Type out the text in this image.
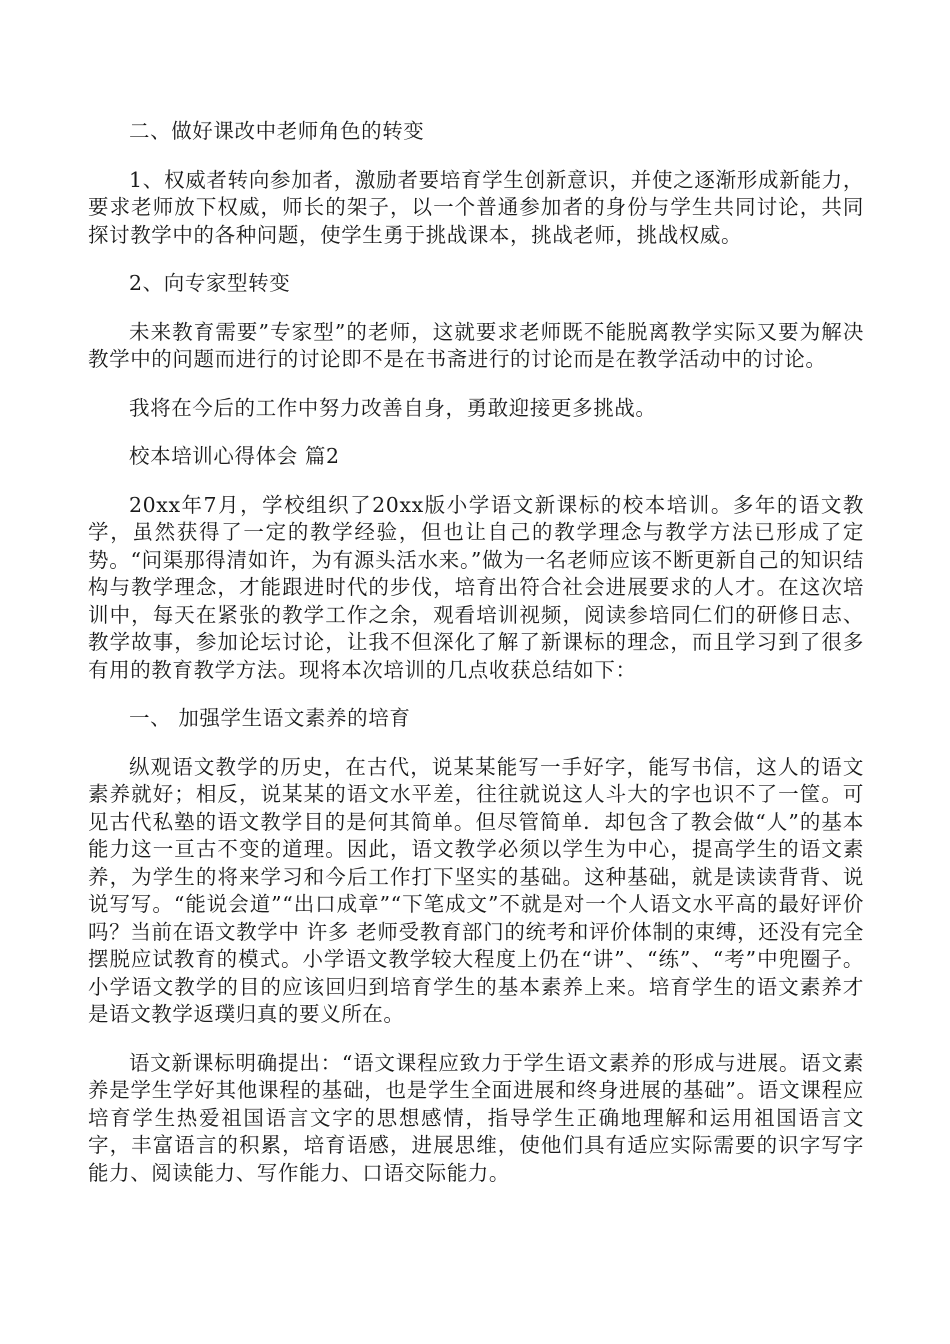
二、做好课改中老师角色的转变

1、权威者转向参加者，激励者要培育学生创新意识，并使之逐渐形成新能力，要求老师放下权威，师长的架子，以一个普通参加者的身份与学生共同讨论，共同探讨教学中的各种问题，使学生勇于挑战课本，挑战老师，挑战权威。

2、向专家型转变

未来教育需要”专家型”的老师，这就要求老师既不能脱离教学实际又要为解决教学中的问题而进行的讨论即不是在书斋进行的讨论而是在教学活动中的讨论。

我将在今后的工作中努力改善自身，勇敢迎接更多挑战。

校本培训心得体会 篇2

20xx年7月，学校组织了20xx版小学语文新课标的校本培训。多年的语文教学，虽然获得了一定的教学经验，但也让自己的教学理念与教学方法已形成了定势。“问渠那得清如许，为有源头活水来。”做为一名老师应该不断更新自己的知识结构与教学理念，才能跟进时代的步伐，培育出符合社会进展要求的人才。在这次培训中，每天在紧张的教学工作之余，观看培训视频，阅读参培同仁们的研修日志、教学故事，参加论坛讨论，让我不但深化了解了新课标的理念，而且学习到了很多有用的教育教学方法。现将本次培训的几点收获总结如下：

一、 加强学生语文素养的培育

纵观语文教学的历史，在古代，说某某能写一手好字，能写书信，这人的语文素养就好；相反，说某某的语文水平差，往往就说这人斗大的字也识不了一筐。可见古代私塾的语文教学目的是何其简单。但尽管简单．却包含了教会做“人”的基本能力这一亘古不变的道理。因此，语文教学必须以学生为中心，提高学生的语文素养，为学生的将来学习和今后工作打下坚实的基础。这种基础，就是读读背背、说说写写。“能说会道”“出口成章”“下笔成文”不就是对一个人语文水平高的最好评价吗？当前在语文教学中 许多 老师受教育部门的统考和评价体制的束缚，还没有完全摆脱应试教育的模式。小学语文教学较大程度上仍在“讲”、“练”、“考”中兜圈子。小学语文教学的目的应该回归到培育学生的基本素养上来。培育学生的语文素养才是语文教学返璞归真的要义所在。

语文新课标明确提出：“语文课程应致力于学生语文素养的形成与进展。语文素养是学生学好其他课程的基础，也是学生全面进展和终身进展的基础”。语文课程应培育学生热爱祖国语言文字的思想感情，指导学生正确地理解和运用祖国语言文字，丰富语言的积累，培育语感，进展思维，使他们具有适应实际需要的识字写字能力、阅读能力、写作能力、口语交际能力。
